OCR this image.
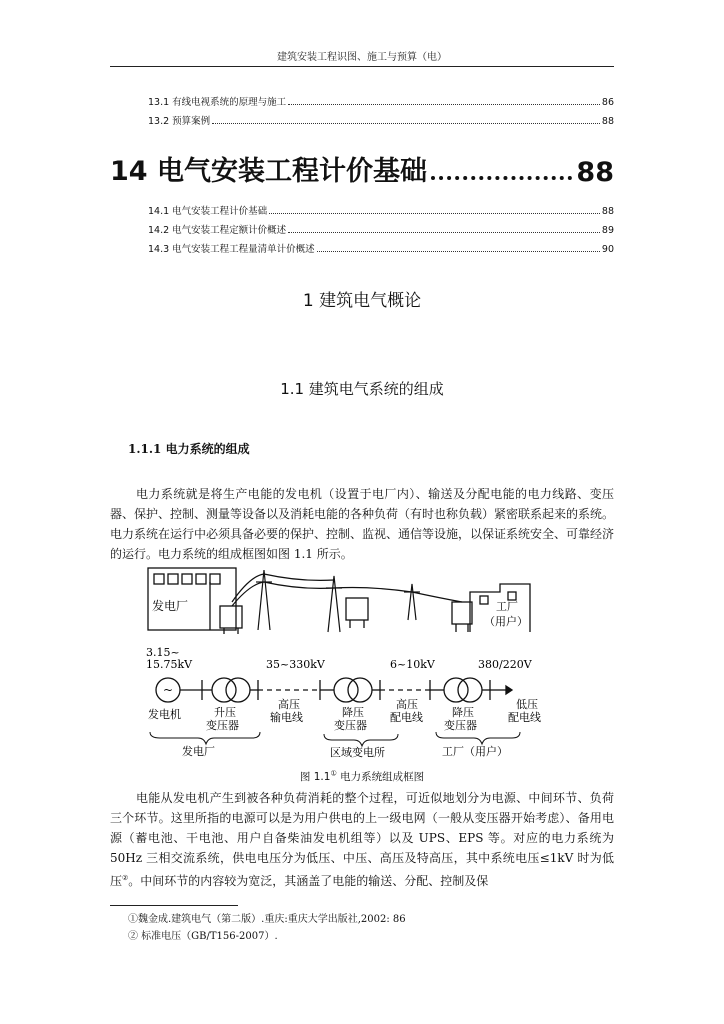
建筑安装工程识图、施工与预算（电）
13.1 有线电视系统的原理与施工	86
13.2 预算案例	88
14 电气安装工程计价基础	88
14.1 电气安装工程计价基础	88
14.2 电气安装工程定额计价概述	89
14.3 电气安装工程工程量清单计价概述	90
1 建筑电气概论
1.1 建筑电气系统的组成
1.1.1 电力系统的组成
电力系统就是将生产电能的发电机（设置于电厂内）、输送及分配电能的电力线路、变压器、保护、控制、测量等设备以及消耗电能的各种负荷（有时也称负载）紧密联系起来的系统。电力系统在运行中必须具备必要的保护、控制、监视、通信等设施，以保证系统安全、可靠经济的运行。电力系统的组成框图如图 1.1 所示。
发电厂	工厂
（用户）
3.15~
15.75kV	35~330kV	6~10kV	380/220V
~
发电机	升压
变压器
高压
输电线	降压
变压器
高压
配电线	降压
变压器
低压
配电线
发电厂	区域变电所	工厂（用户）
图 1.1① 电力系统组成框图
电能从发电机产生到被各种负荷消耗的整个过程，可近似地划分为电源、中间环节、负荷三个环节。这里所指的电源可以是为用户供电的上一级电网（一般从变压器开始考虑）、备用电源（蓄电池、干电池、用户自备柴油发电机组等）以及 UPS、EPS 等。对应的电力系统为 50Hz 三相交流系统，供电电压分为低压、中压、高压及特高压，其中系统电压≤1kV 时为低压②。中间环节的内容较为宽泛，其涵盖了电能的输送、分配、控制及保
①魏金成.建筑电气（第二版）.重庆:重庆大学出版社,2002: 86
② 标准电压（GB/T156-2007）.
